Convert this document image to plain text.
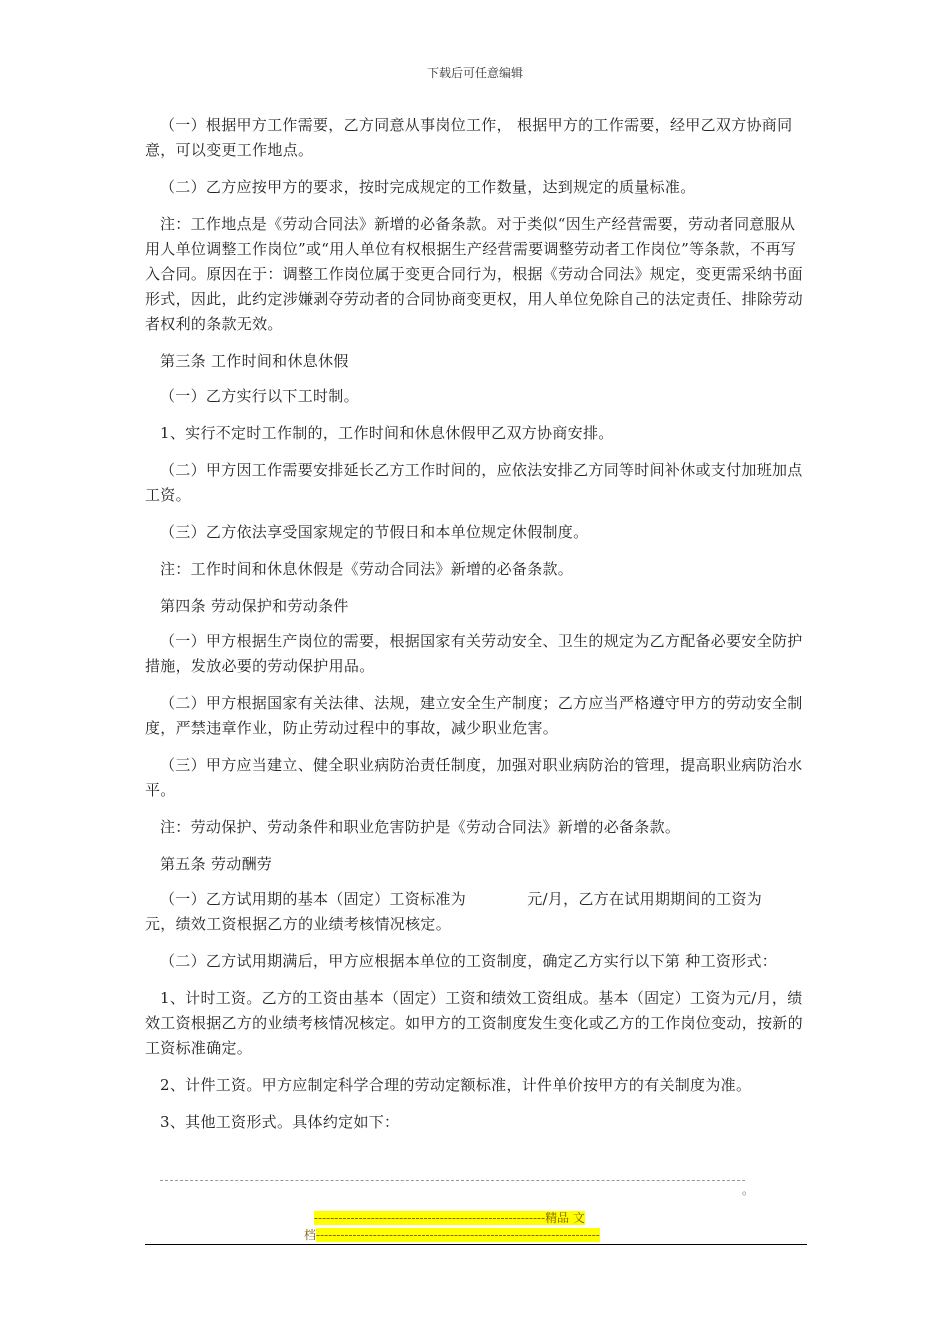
下载后可任意编辑

（一）根据甲方工作需要，乙方同意从事岗位工作， 根据甲方的工作需要，经甲乙双方协商同意，可以变更工作地点。

（二）乙方应按甲方的要求，按时完成规定的工作数量，达到规定的质量标准。

注：工作地点是《劳动合同法》新增的必备条款。对于类似“因生产经营需要，劳动者同意服从用人单位调整工作岗位”或“用人单位有权根据生产经营需要调整劳动者工作岗位”等条款，不再写入合同。原因在于：调整工作岗位属于变更合同行为，根据《劳动合同法》规定，变更需采纳书面形式，因此，此约定涉嫌剥夺劳动者的合同协商变更权，用人单位免除自己的法定责任、排除劳动者权利的条款无效。

第三条 工作时间和休息休假

（一）乙方实行以下工时制。

1、实行不定时工作制的，工作时间和休息休假甲乙双方协商安排。

（二）甲方因工作需要安排延长乙方工作时间的，应依法安排乙方同等时间补休或支付加班加点工资。

（三）乙方依法享受国家规定的节假日和本单位规定休假制度。

注：工作时间和休息休假是《劳动合同法》新增的必备条款。

第四条 劳动保护和劳动条件

（一）甲方根据生产岗位的需要，根据国家有关劳动安全、卫生的规定为乙方配备必要安全防护措施，发放必要的劳动保护用品。

（二）甲方根据国家有关法律、法规，建立安全生产制度；乙方应当严格遵守甲方的劳动安全制度，严禁违章作业，防止劳动过程中的事故，减少职业危害。

（三）甲方应当建立、健全职业病防治责任制度，加强对职业病防治的管理，提高职业病防治水平。

注：劳动保护、劳动条件和职业危害防护是《劳动合同法》新增的必备条款。

第五条 劳动酬劳

（一）乙方试用期的基本（固定）工资标准为　　　　元/月，乙方在试用期期间的工资为　　　元，绩效工资根据乙方的业绩考核情况核定。

（二）乙方试用期满后，甲方应根据本单位的工资制度，确定乙方实行以下第 种工资形式：

1、计时工资。乙方的工资由基本（固定）工资和绩效工资组成。基本（固定）工资为元/月，绩效工资根据乙方的业绩考核情况核定。如甲方的工资制度发生变化或乙方的工作岗位变动，按新的工资标准确定。

2、计件工资。甲方应制定科学合理的劳动定额标准，计件单价按甲方的有关制度为准。

3、其他工资形式。具体约定如下：

。
---------------------------------------------------------精品 文
档----------------------------------------------------------------------
